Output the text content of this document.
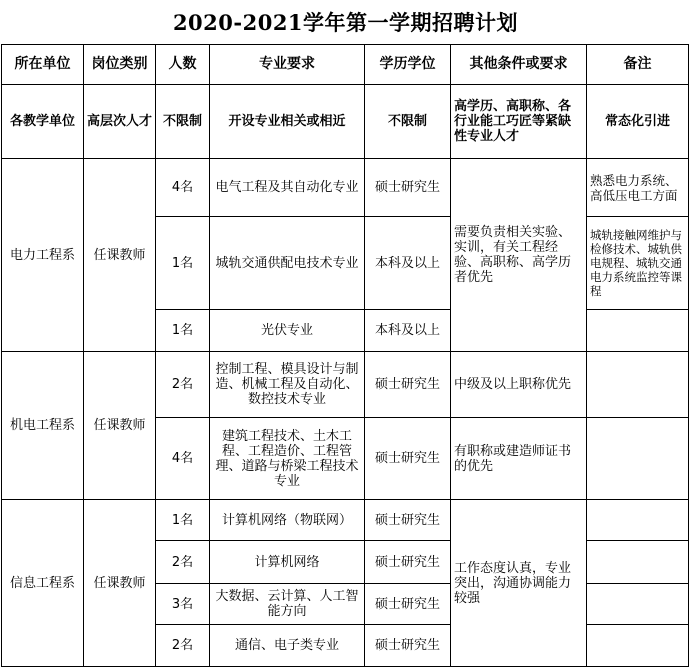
2020-2021学年第一学期招聘计划
所在单位	岗位类别	人数	专业要求	学历学位	其他条件或要求	备注
各教学单位	高层次人才	不限制	开设专业相关或相近	不限制	高学历、高职称、各行业能工巧匠等紧缺性专业人才	常态化引进
电力工程系	任课教师	4名	电气工程及其自动化专业	硕士研究生	需要负责相关实验、实训，有关工程经验、高职称、高学历者优先	熟悉电力系统、高低压电工方面
		1名	城轨交通供配电技术专业	本科及以上		城轨接触网维护与检修技术、城轨供电规程、城轨交通电力系统监控等课程
		1名	光伏专业	本科及以上		
机电工程系	任课教师	2名	控制工程、模具设计与制造、机械工程及自动化、数控技术专业	硕士研究生	中级及以上职称优先	
		4名	建筑工程技术、土木工程、工程造价、工程管理、道路与桥梁工程技术专业	硕士研究生	有职称或建造师证书的优先	
信息工程系	任课教师	1名	计算机网络（物联网）	硕士研究生	工作态度认真，专业突出，沟通协调能力较强	
		2名	计算机网络	硕士研究生		
		3名	大数据、云计算、人工智能方向	硕士研究生		
		2名	通信、电子类专业	硕士研究生		
